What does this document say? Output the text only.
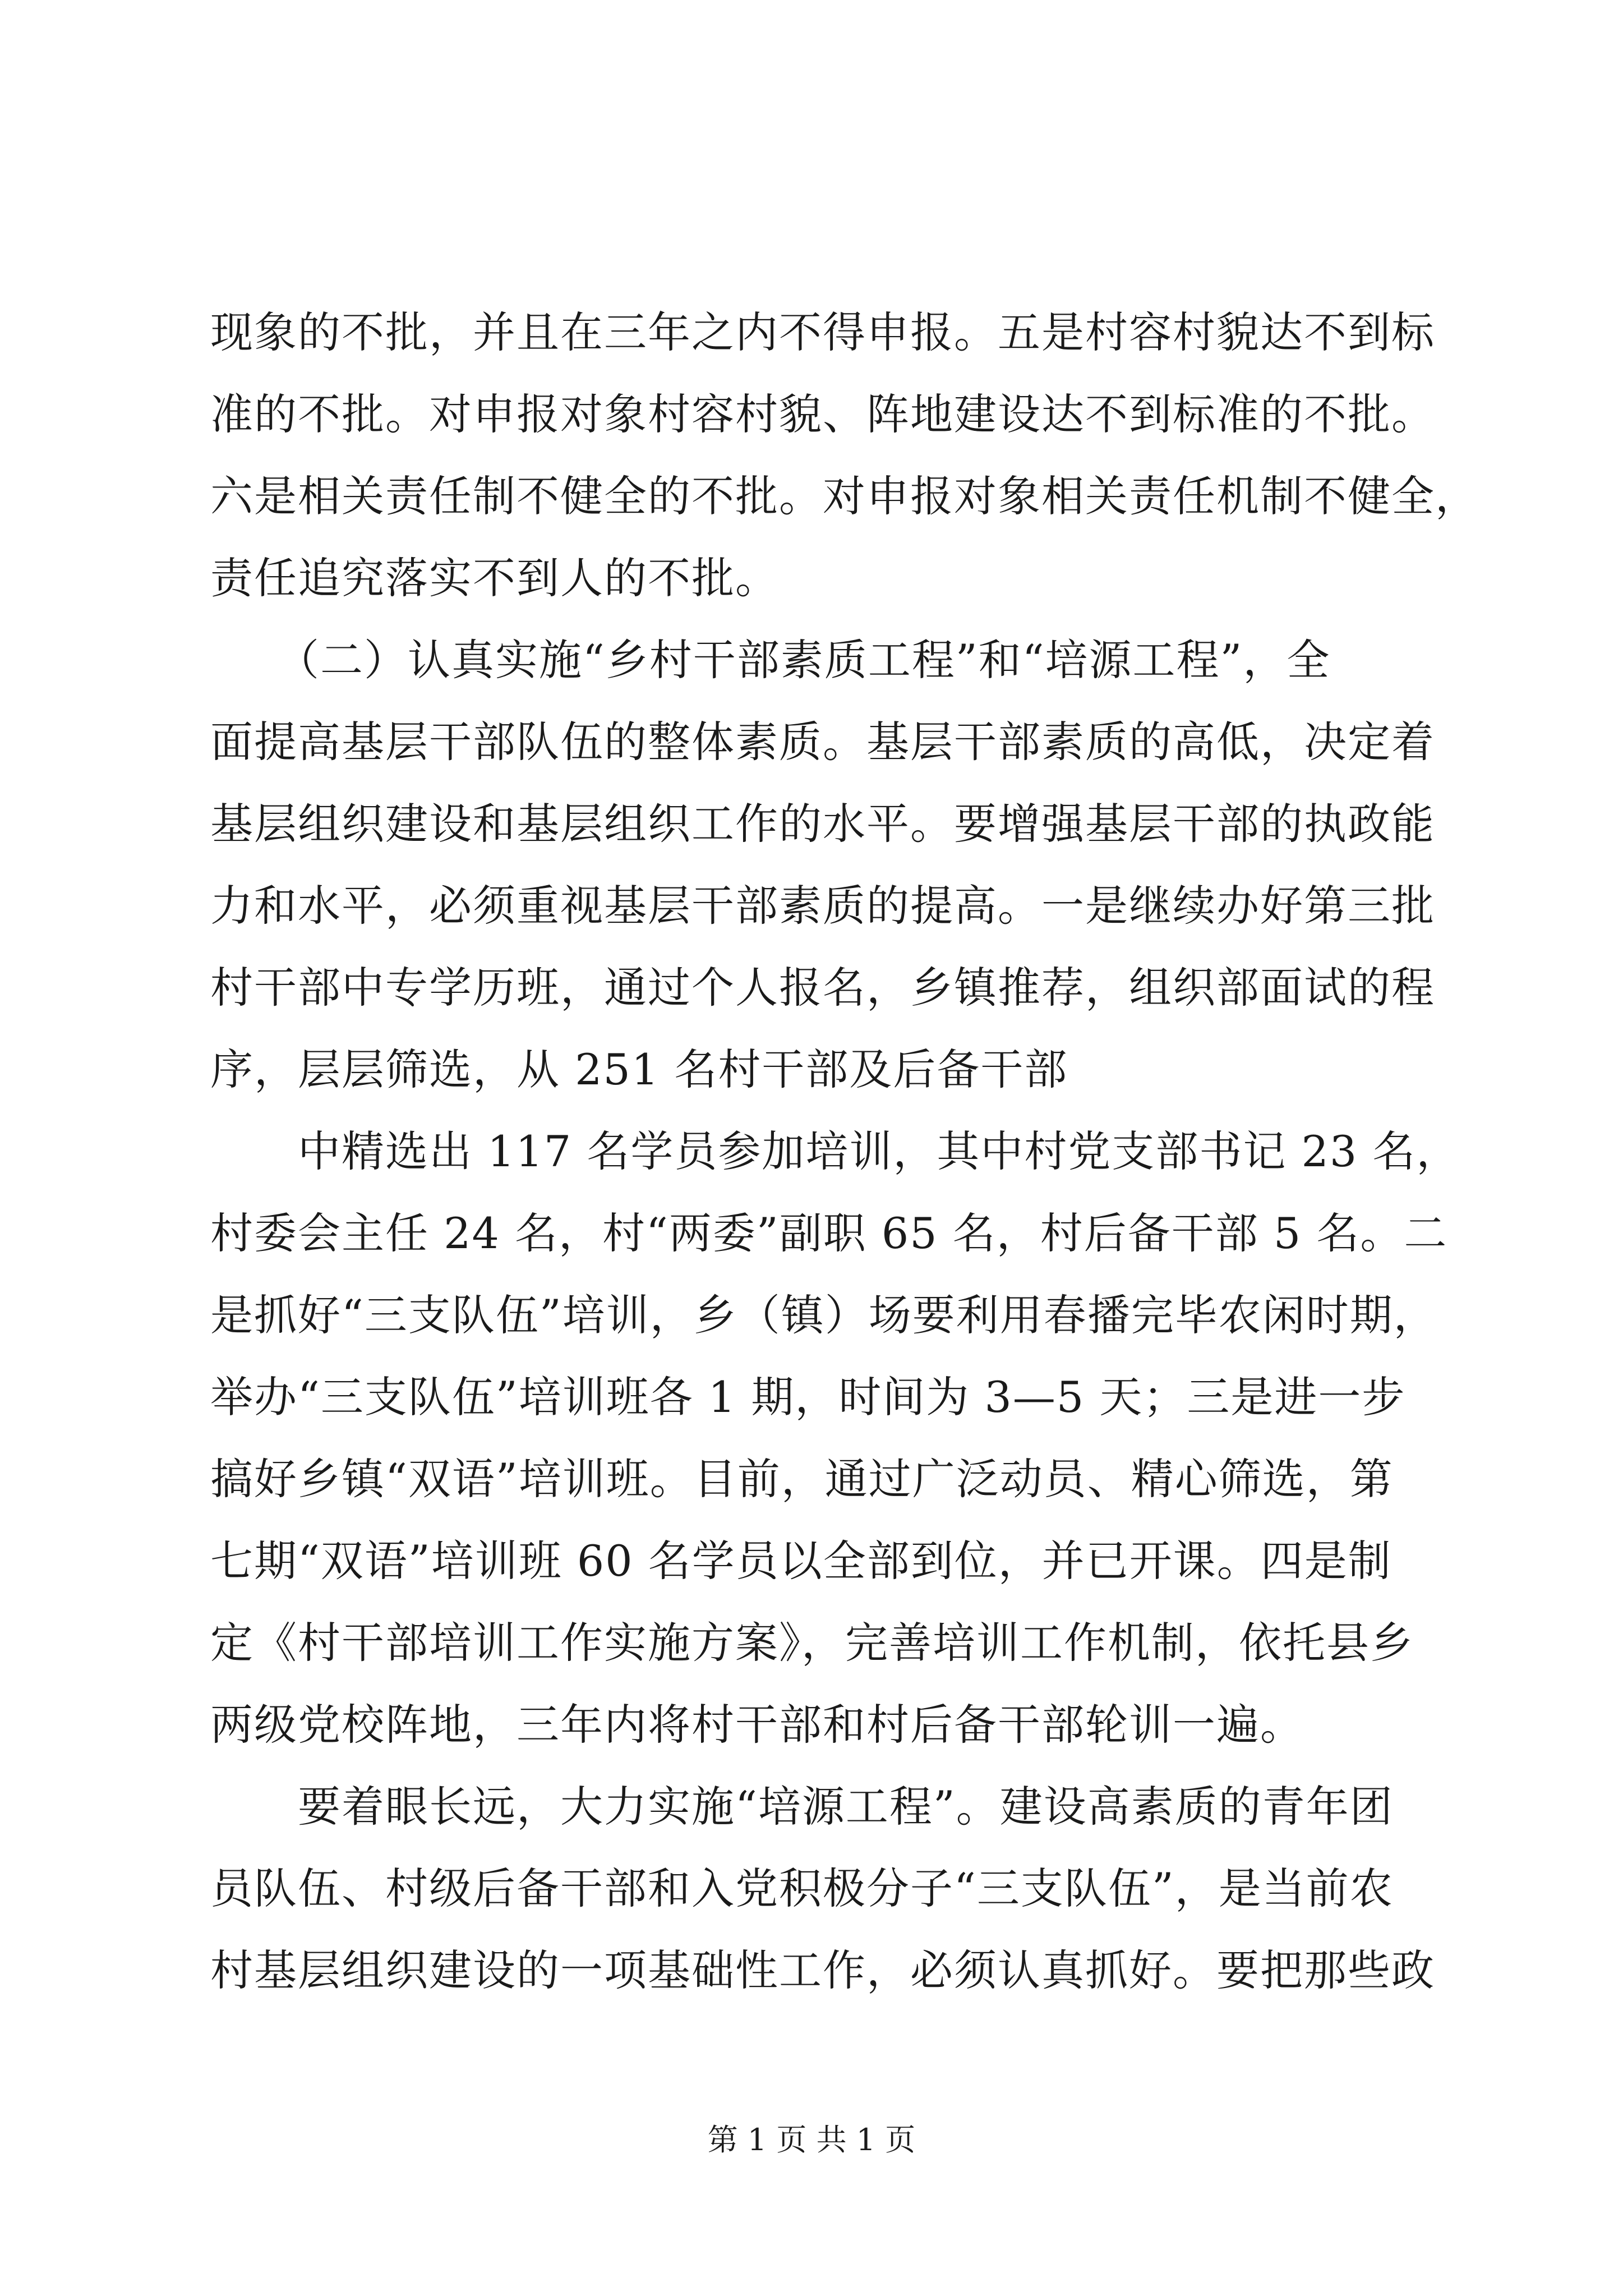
现象的不批，并且在三年之内不得申报。五是村容村貌达不到标
准的不批。对申报对象村容村貌、阵地建设达不到标准的不批。
六是相关责任制不健全的不批。对申报对象相关责任机制不健全，
责任追究落实不到人的不批。
　　（二）认真实施“乡村干部素质工程”和“培源工程”，全
面提高基层干部队伍的整体素质。基层干部素质的高低，决定着
基层组织建设和基层组织工作的水平。要增强基层干部的执政能
力和水平，必须重视基层干部素质的提高。一是继续办好第三批
村干部中专学历班，通过个人报名，乡镇推荐，组织部面试的程
序，层层筛选，从 251 名村干部及后备干部
　　中精选出 117 名学员参加培训，其中村党支部书记 23 名，
村委会主任 24 名，村“两委”副职 65 名，村后备干部 5 名。二
是抓好“三支队伍”培训，乡（镇）场要利用春播完毕农闲时期，
举办“三支队伍”培训班各 1 期，时间为 3—5 天；三是进一步
搞好乡镇“双语”培训班。目前，通过广泛动员、精心筛选，第
七期“双语”培训班 60 名学员以全部到位，并已开课。四是制
定《村干部培训工作实施方案》，完善培训工作机制，依托县乡
两级党校阵地，三年内将村干部和村后备干部轮训一遍。
　　要着眼长远，大力实施“培源工程”。建设高素质的青年团
员队伍、村级后备干部和入党积极分子“三支队伍”，是当前农
村基层组织建设的一项基础性工作，必须认真抓好。要把那些政
第 1 页 共 1 页
